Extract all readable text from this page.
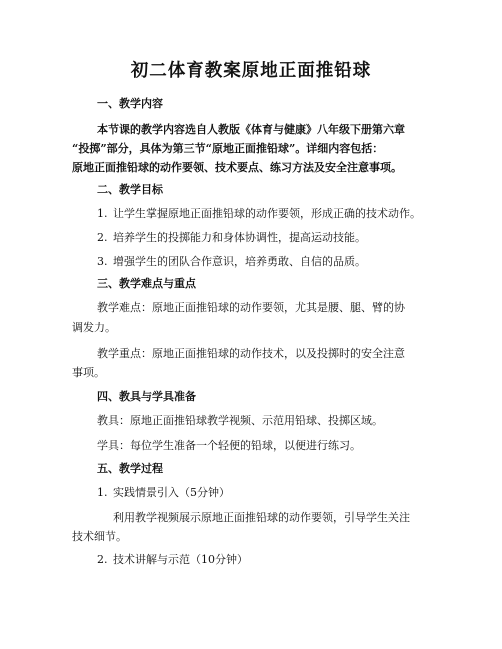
初二体育教案原地正面推铅球
一、教学内容
本节课的教学内容选自人教版《体育与健康》八年级下册第六章
“投掷”部分，具体为第三节“原地正面推铅球”。详细内容包括：
原地正面推铅球的动作要领、技术要点、练习方法及安全注意事项。
二、教学目标
1. 让学生掌握原地正面推铅球的动作要领，形成正确的技术动作。
2. 培养学生的投掷能力和身体协调性，提高运动技能。
3. 增强学生的团队合作意识，培养勇敢、自信的品质。
三、教学难点与重点
教学难点：原地正面推铅球的动作要领，尤其是腰、腿、臂的协
调发力。
教学重点：原地正面推铅球的动作技术，以及投掷时的安全注意
事项。
四、教具与学具准备
教具：原地正面推铅球教学视频、示范用铅球、投掷区域。
学具：每位学生准备一个轻便的铅球，以便进行练习。
五、教学过程
1. 实践情景引入（5分钟）
利用教学视频展示原地正面推铅球的动作要领，引导学生关注
技术细节。
2. 技术讲解与示范（10分钟）
